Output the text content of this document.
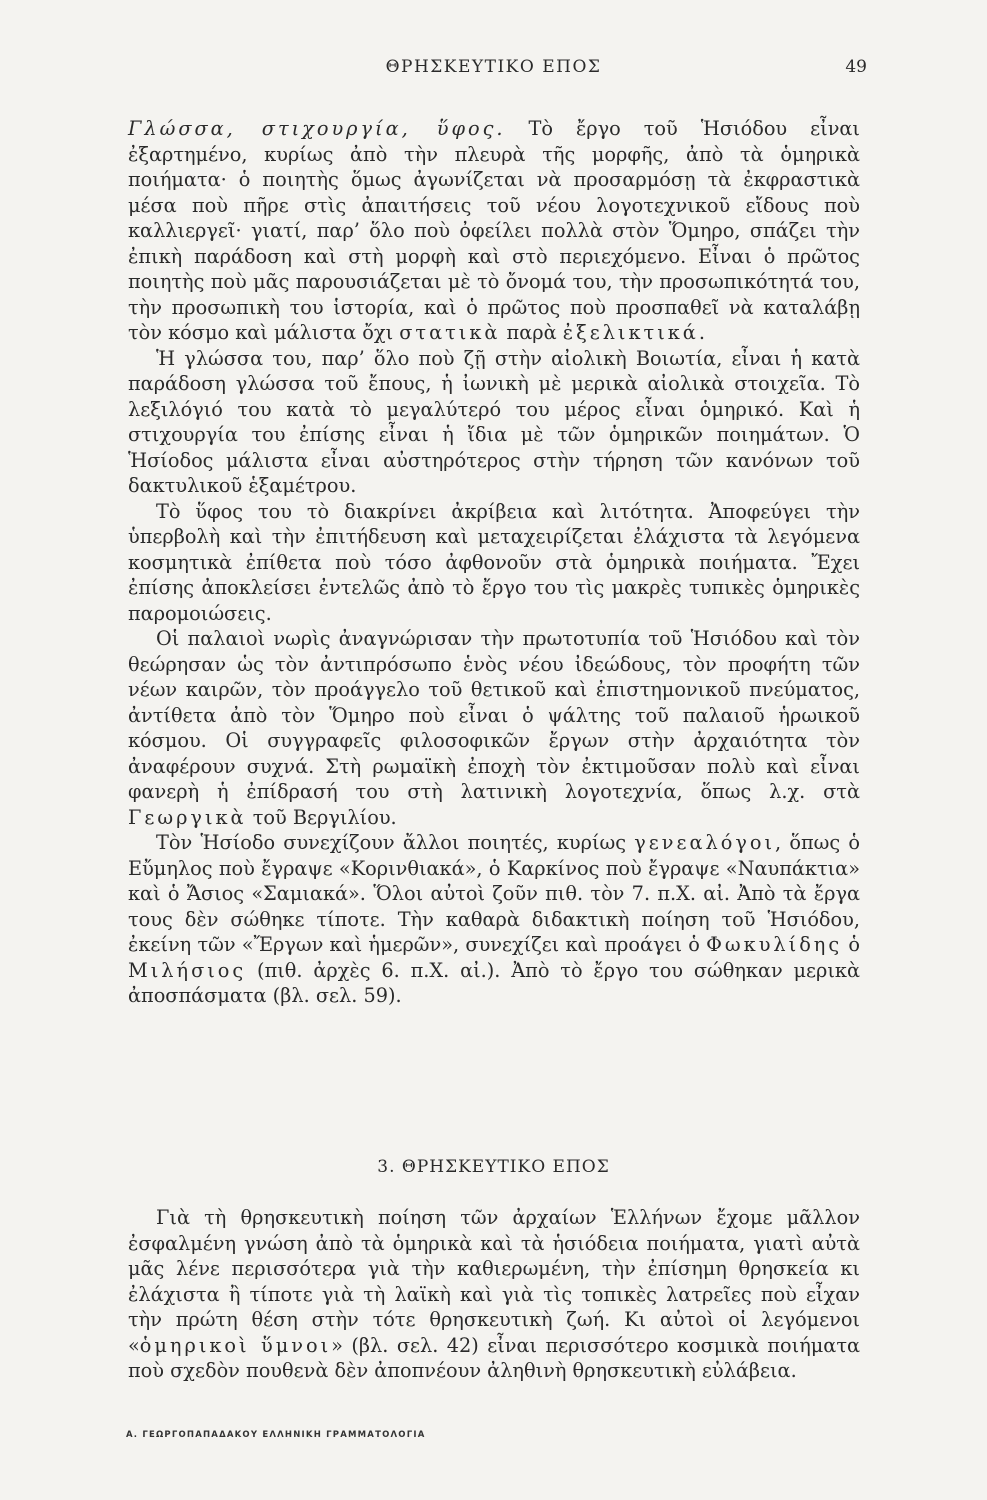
ΘΡΗΣΚΕΥΤΙΚΟ ΕΠΟΣ	49

Γλώσσα, στιχουργία, ὕφος. Τὸ ἔργο τοῦ Ἡσιόδου εἶναι ἐξαρτημένο, κυρίως ἀπὸ τὴν πλευρὰ τῆς μορφῆς, ἀπὸ τὰ ὁμηρικὰ ποιήματα· ὁ ποιητὴς ὅμως ἀγωνίζεται νὰ προσαρμόσῃ τὰ ἐκφραστικὰ μέσα ποὺ πῆρε στὶς ἀπαιτήσεις τοῦ νέου λογοτεχνικοῦ εἴδους ποὺ καλλιεργεῖ· γιατί, παρ’ ὅλο ποὺ ὀφείλει πολλὰ στὸν Ὅμηρο, σπάζει τὴν ἐπικὴ παράδοση καὶ στὴ μορφὴ καὶ στὸ περιεχόμενο. Εἶναι ὁ πρῶτος ποιητὴς ποὺ μᾶς παρουσιάζεται μὲ τὸ ὄνομά του, τὴν προσωπικότητά του, τὴν προσωπικὴ του ἱστορία, καὶ ὁ πρῶτος ποὺ προσπαθεῖ νὰ καταλάβῃ τὸν κόσμο καὶ μάλιστα ὄχι στατικὰ παρὰ ἐξελικτικά.

Ἡ γλώσσα του, παρ’ ὅλο ποὺ ζῇ στὴν αἰολικὴ Βοιωτία, εἶναι ἡ κατὰ παράδοση γλώσσα τοῦ ἔπους, ἡ ἰωνικὴ μὲ μερικὰ αἰολικὰ στοιχεῖα. Τὸ λεξιλόγιό του κατὰ τὸ μεγαλύτερό του μέρος εἶναι ὁμηρικό. Καὶ ἡ στιχουργία του ἐπίσης εἶναι ἡ ἴδια μὲ τῶν ὁμηρικῶν ποιημάτων. Ὁ Ἡσίοδος μάλιστα εἶναι αὐστηρότερος στὴν τήρηση τῶν κανόνων τοῦ δακτυλικοῦ ἑξαμέτρου.

Τὸ ὕφος του τὸ διακρίνει ἀκρίβεια καὶ λιτότητα. Ἀποφεύγει τὴν ὑπερβολὴ καὶ τὴν ἐπιτήδευση καὶ μεταχειρίζεται ἐλάχιστα τὰ λεγόμενα κοσμητικὰ ἐπίθετα ποὺ τόσο ἀφθονοῦν στὰ ὁμηρικὰ ποιήματα. Ἔχει ἐπίσης ἀποκλείσει ἐντελῶς ἀπὸ τὸ ἔργο του τὶς μακρὲς τυπικὲς ὁμηρικὲς παρομοιώσεις.

Οἱ παλαιοὶ νωρὶς ἀναγνώρισαν τὴν πρωτοτυπία τοῦ Ἡσιόδου καὶ τὸν θεώρησαν ὡς τὸν ἀντιπρόσωπο ἑνὸς νέου ἰδεώδους, τὸν προφήτη τῶν νέων καιρῶν, τὸν προάγγελο τοῦ θετικοῦ καὶ ἐπιστημονικοῦ πνεύματος, ἀντίθετα ἀπὸ τὸν Ὅμηρο ποὺ εἶναι ὁ ψάλτης τοῦ παλαιοῦ ἡρωικοῦ κόσμου. Οἱ συγγραφεῖς φιλοσοφικῶν ἔργων στὴν ἀρχαιότητα τὸν ἀναφέρουν συχνά. Στὴ ρωμαϊκὴ ἐποχὴ τὸν ἐκτιμοῦσαν πολὺ καὶ εἶναι φανερὴ ἡ ἐπίδρασή του στὴ λατινικὴ λογοτεχνία, ὅπως λ.χ. στὰ Γεωργικὰ τοῦ Βεργιλίου.

Τὸν Ἡσίοδο συνεχίζουν ἄλλοι ποιητές, κυρίως γενεαλόγοι, ὅπως ὁ Εὔμηλος ποὺ ἔγραψε «Κορινθιακά», ὁ Καρκίνος ποὺ ἔγραψε «Ναυπάκτια» καὶ ὁ Ἄσιος «Σαμιακά». Ὅλοι αὐτοὶ ζοῦν πιθ. τὸν 7. π.Χ. αἰ. Ἀπὸ τὰ ἔργα τους δὲν σώθηκε τίποτε. Τὴν καθαρὰ διδακτικὴ ποίηση τοῦ Ἡσιόδου, ἐκείνη τῶν «Ἔργων καὶ ἡμερῶν», συνεχίζει καὶ προάγει ὁ Φωκυλίδης ὁ Μιλήσιος (πιθ. ἀρχὲς 6. π.Χ. αἰ.). Ἀπὸ τὸ ἔργο του σώθηκαν μερικὰ ἀποσπάσματα (βλ. σελ. 59).

3. ΘΡΗΣΚΕΥΤΙΚΟ ΕΠΟΣ

Γιὰ τὴ θρησκευτικὴ ποίηση τῶν ἀρχαίων Ἑλλήνων ἔχομε μᾶλλον ἐσφαλμένη γνώση ἀπὸ τὰ ὁμηρικὰ καὶ τὰ ἡσιόδεια ποιήματα, γιατὶ αὐτὰ μᾶς λένε περισσότερα γιὰ τὴν καθιερωμένη, τὴν ἐπίσημη θρησκεία κι ἐλάχιστα ἢ τίποτε γιὰ τὴ λαϊκὴ καὶ γιὰ τὶς τοπικὲς λατρεῖες ποὺ εἶχαν τὴν πρώτη θέση στὴν τότε θρησκευτικὴ ζωή. Κι αὐτοὶ οἱ λεγόμενοι «ὁμηρικοὶ ὕμνοι» (βλ. σελ. 42) εἶναι περισσότερο κοσμικὰ ποιήματα ποὺ σχεδὸν πουθενὰ δὲν ἀποπνέουν ἀληθινὴ θρησκευτικὴ εὐλάβεια.

Α. ΓΕΩΡΓΟΠΑΠΑΔΑΚΟΥ ΕΛΛΗΝΙΚΗ ΓΡΑΜΜΑΤΟΛΟΓΙΑ
